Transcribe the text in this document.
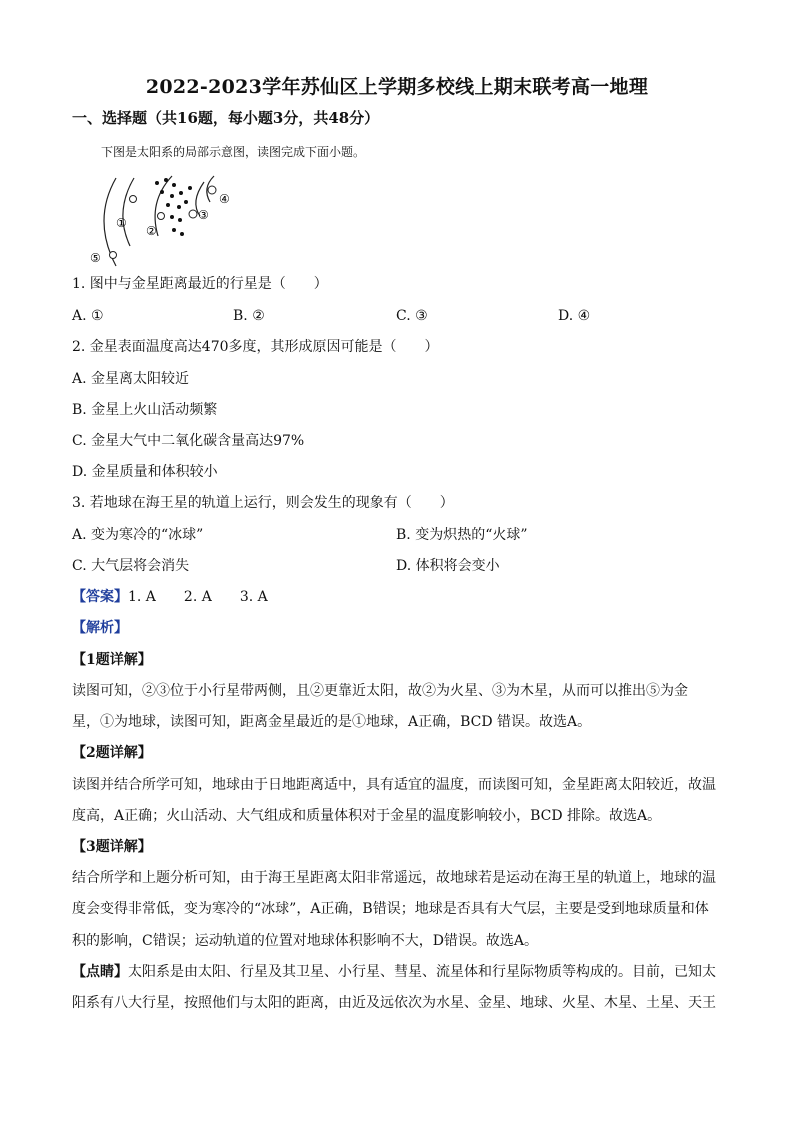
2022-2023学年苏仙区上学期多校线上期末联考高一地理
一、选择题（共16题，每小题3分，共48分）
下图是太阳系的局部示意图，读图完成下面小题。
⑤
①
②
③
④
1. 图中与金星距离最近的行星是（　　）
A. ①	B. ②	C. ③	D. ④
2. 金星表面温度高达470多度，其形成原因可能是（　　）
A. 金星离太阳较近
B. 金星上火山活动频繁
C. 金星大气中二氧化碳含量高达97%
D. 金星质量和体积较小
3. 若地球在海王星的轨道上运行，则会发生的现象有（　　）
A. 变为寒冷的“冰球”	B. 变为炽热的“火球”
C. 大气层将会消失	D. 体积将会变小
【答案】1. A　　2. A　　3. A
【解析】
【1题详解】
读图可知，②③位于小行星带两侧，且②更靠近太阳，故②为火星、③为木星，从而可以推出⑤为金
星，①为地球，读图可知，距离金星最近的是①地球，A正确，BCD 错误。故选A。
【2题详解】
读图并结合所学可知，地球由于日地距离适中，具有适宜的温度，而读图可知，金星距离太阳较近，故温
度高，A正确；火山活动、大气组成和质量体积对于金星的温度影响较小，BCD 排除。故选A。
【3题详解】
结合所学和上题分析可知，由于海王星距离太阳非常遥远，故地球若是运动在海王星的轨道上，地球的温
度会变得非常低，变为寒冷的“冰球”，A正确，B错误；地球是否具有大气层，主要是受到地球质量和体
积的影响，C错误；运动轨道的位置对地球体积影响不大，D错误。故选A。
【点睛】太阳系是由太阳、行星及其卫星、小行星、彗星、流星体和行星际物质等构成的。目前，已知太
阳系有八大行星，按照他们与太阳的距离，由近及远依次为水星、金星、地球、火星、木星、土星、天王
